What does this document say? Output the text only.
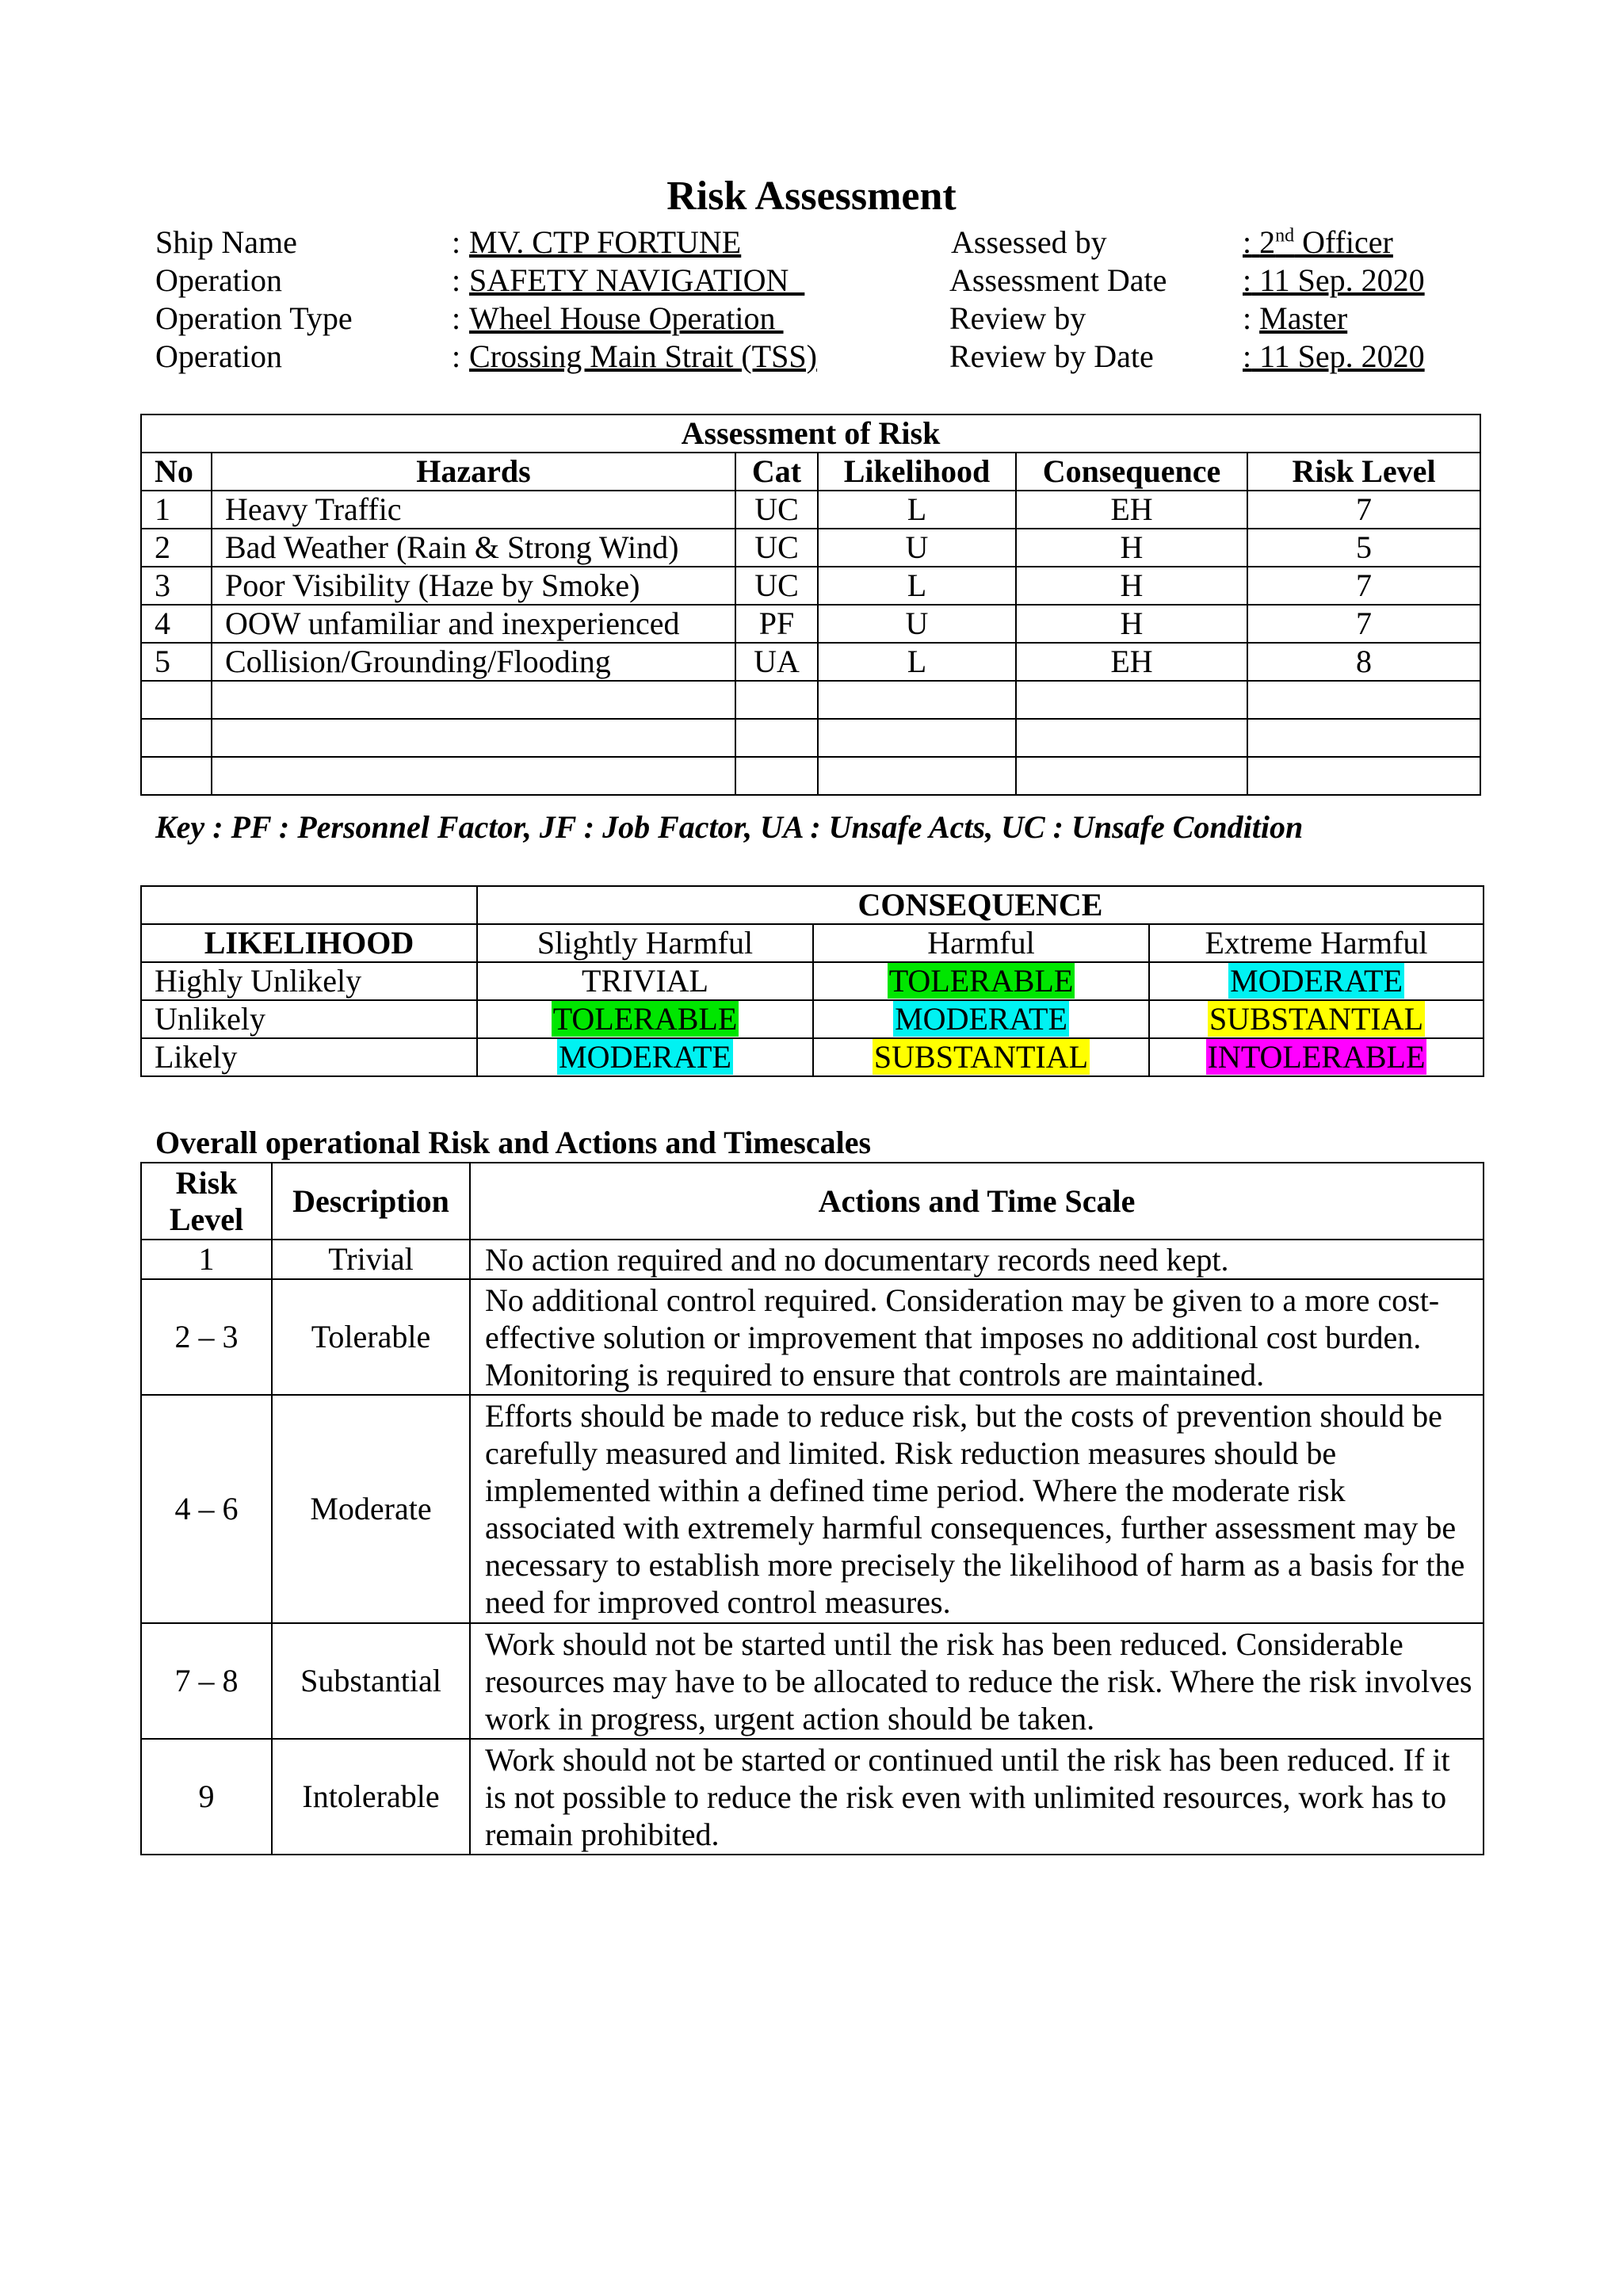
Risk Assessment
Ship Name	: MV. CTP FORTUNE	Assessed by	: 2nd Officer
Operation	: SAFETY NAVIGATION	Assessment Date : 11 Sep. 2020
Operation Type	: Wheel House Operation	Review by	: Master
Operation	: Crossing Main Strait (TSS)	Review by Date	: 11 Sep. 2020
Assessment of Risk					
No	Hazards	Cat	Likelihood	Consequence	Risk Level
1	Heavy Traffic	UC	L	EH	7
2	Bad Weather (Rain & Strong Wind)	UC	U	H	5
3	Poor Visibility (Haze by Smoke)	UC	L	H	7
4	OOW unfamiliar and inexperienced	PF	U	H	7
5	Collision/Grounding/Flooding	UA	L	EH	8

Key : PF : Personnel Factor, JF : Job Factor, UA : Unsafe Acts, UC : Unsafe Condition
	CONSEQUENCE		
LIKELIHOOD	Slightly Harmful	Harmful	Extreme Harmful
Highly Unlikely	TRIVIAL	TOLERABLE	MODERATE
Unlikely	TOLERABLE	MODERATE	SUBSTANTIAL
Likely	MODERATE	SUBSTANTIAL	INTOLERABLE
Overall operational Risk and Actions and Timescales
Risk Level	Description	Actions and Time Scale
1	Trivial	No action required and no documentary records need kept.
2 – 3	Tolerable	No additional control required. Consideration may be given to a more cost-effective solution or improvement that imposes no additional cost burden. Monitoring is required to ensure that controls are maintained.
4 – 6	Moderate	Efforts should be made to reduce risk, but the costs of prevention should be carefully measured and limited. Risk reduction measures should be implemented within a defined time period. Where the moderate risk associated with extremely harmful consequences, further assessment may be necessary to establish more precisely the likelihood of harm as a basis for the need for improved control measures.
7 – 8	Substantial	Work should not be started until the risk has been reduced. Considerable resources may have to be allocated to reduce the risk. Where the risk involves work in progress, urgent action should be taken.
9	Intolerable	Work should not be started or continued until the risk has been reduced. If it is not possible to reduce the risk even with unlimited resources, work has to remain prohibited.
